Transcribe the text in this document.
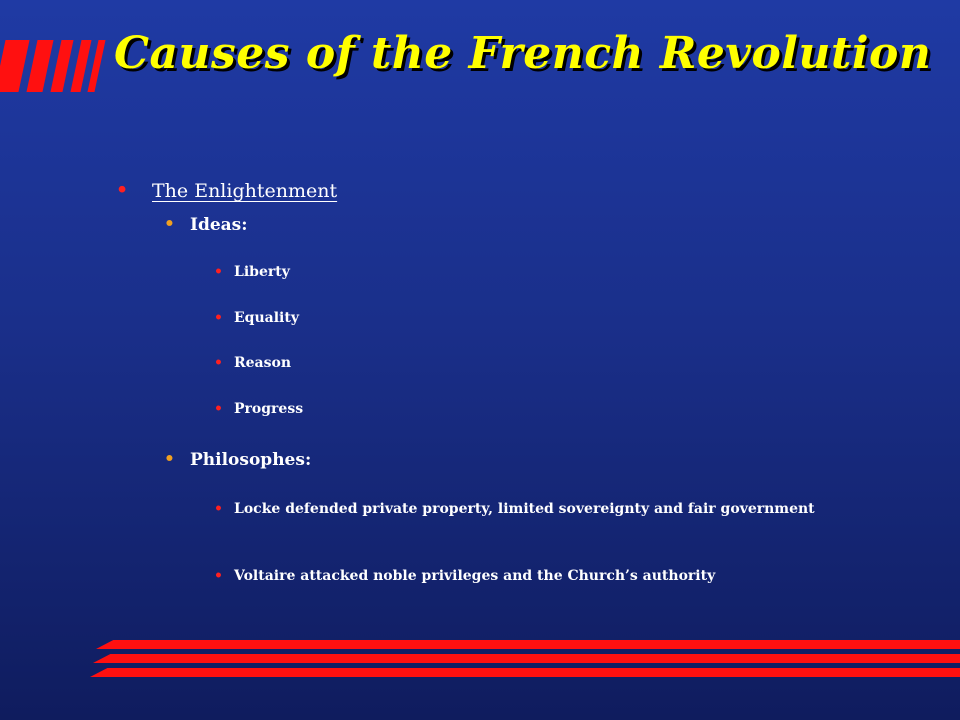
Causes of the French Revolution
• The Enlightenment
• Ideas:
• Liberty
• Equality
• Reason
• Progress
• Philosophes:
• Locke defended private property, limited sovereignty and fair government
• Voltaire attacked noble privileges and the Church’s authority
